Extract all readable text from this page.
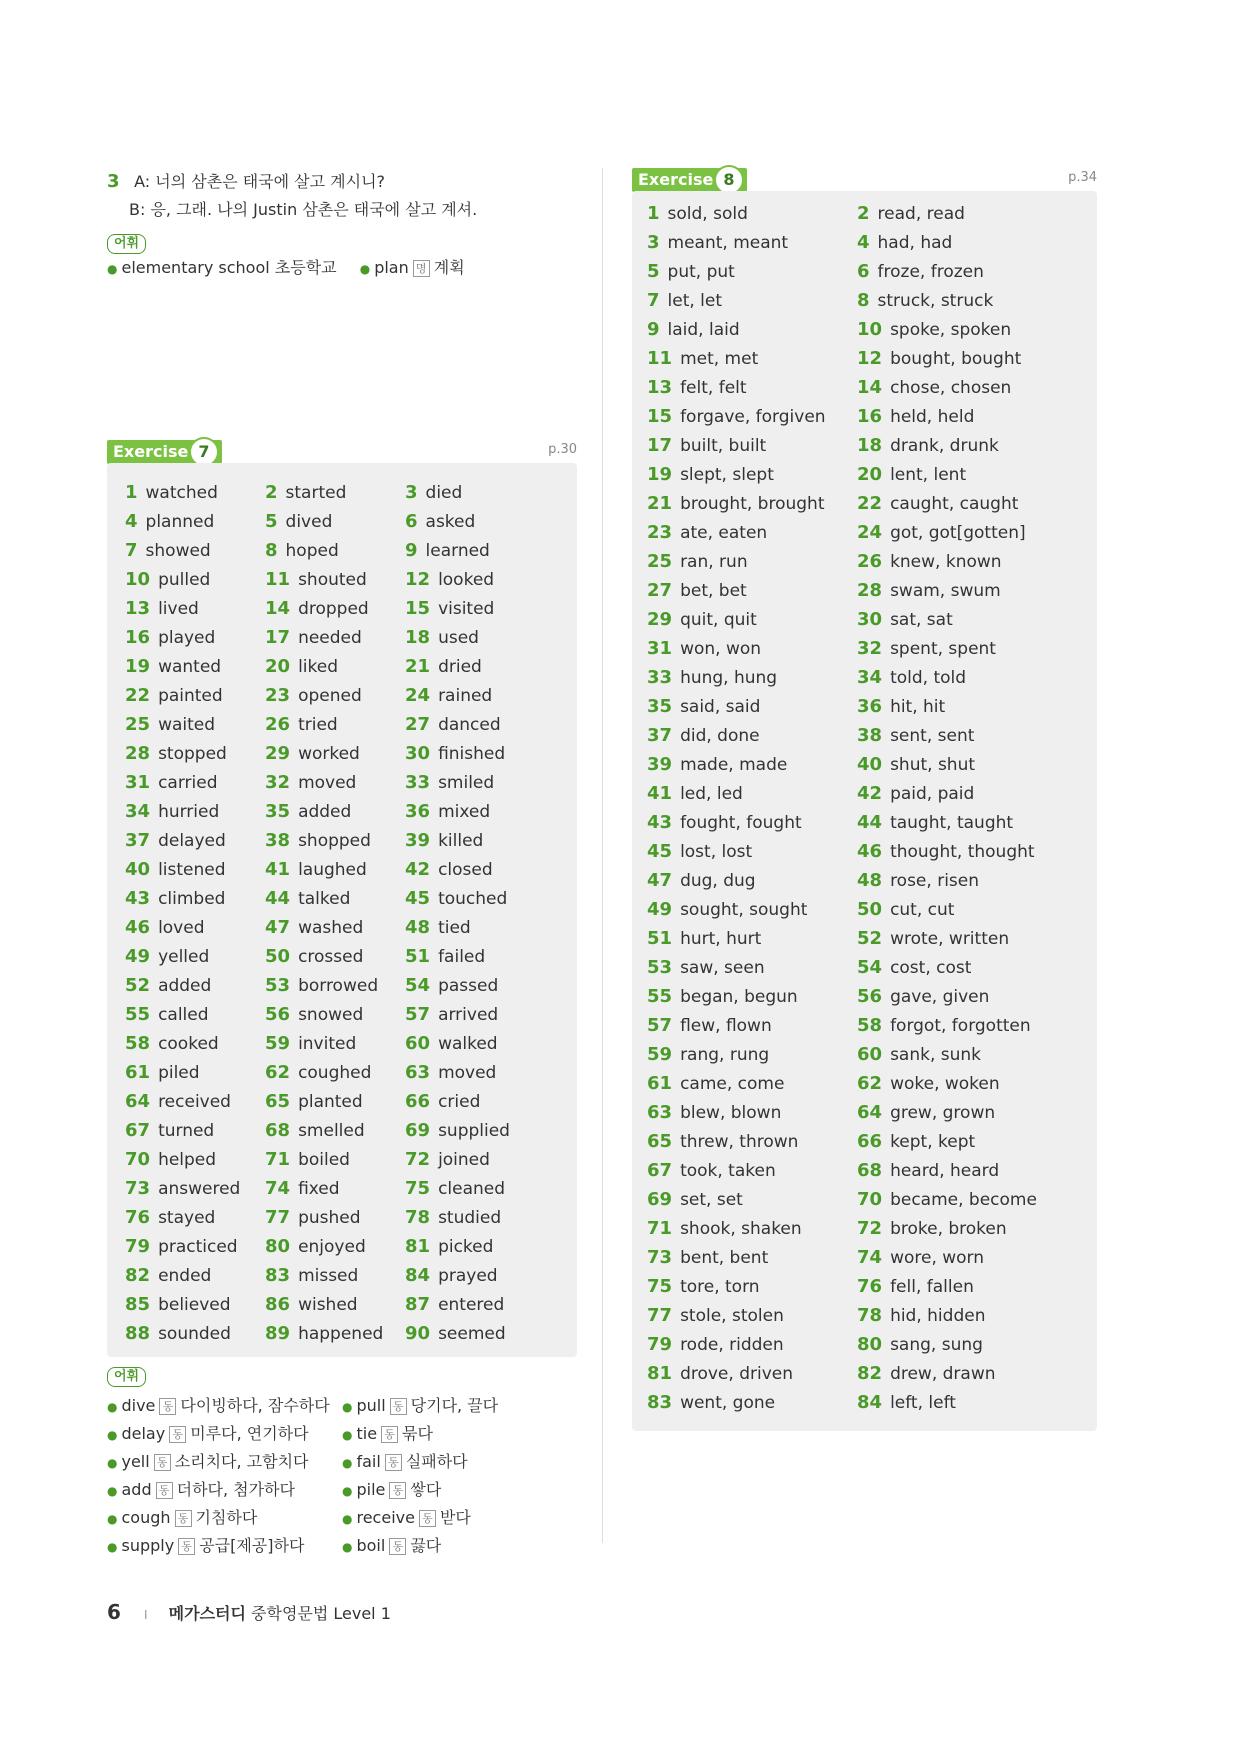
3 A: 너의 삼촌은 태국에 살고 계시니?
B: 응, 그래. 나의 Justin 삼촌은 태국에 살고 계셔.
어휘
● elementary school 초등학교 ● plan 명 계획
Exercise 7	p.30
1 watched	2 started	3 died
4 planned	5 dived	6 asked
7 showed	8 hoped	9 learned
10 pulled	11 shouted 12 looked
13 lived	14 dropped 15 visited
16 played	17 needed 18 used
19 wanted 20 liked	21 dried
22 painted 23 opened 24 rained
25 waited	26 tried	27 danced
28 stopped 29 worked	30 finished
31 carried	32 moved	33 smiled
34 hurried	35 added	36 mixed
37 delayed 38 shopped 39 killed
40 listened 41 laughed 42 closed
43 climbed 44 talked	45 touched
46 loved	47 washed 48 tied
49 yelled	50 crossed 51 failed
52 added	53 borrowed 54 passed
55 called	56 snowed 57 arrived
58 cooked	59 invited	60 walked
61 piled	62 coughed 63 moved
64 received 65 planted 66 cried
67 turned	68 smelled 69 supplied
70 helped	71 boiled	72 joined
73 answered 74 fixed	75 cleaned
76 stayed	77 pushed 78 studied
79 practiced 80 enjoyed 81 picked
82 ended	83 missed	84 prayed
85 believed 86 wished	87 entered
88 sounded 89 happened 90 seemed
어휘
● dive 동 다이빙하다, 잠수하다 ● pull 동 당기다, 끌다
● delay 동 미루다, 연기하다	● tie 동 묶다
● yell 동 소리치다, 고함치다	● fail 동 실패하다
● add 동 더하다, 첨가하다	● pile 동 쌓다
● cough 동 기침하다	● receive 동 받다
● supply 동 공급[제공]하다	● boil 동 끓다
Exercise 8	p.34
1 sold, sold	2 read, read
3 meant, meant	4 had, had
5 put, put	6 froze, frozen
7 let, let	8 struck, struck
9 laid, laid	10 spoke, spoken
11 met, met	12 bought, bought
13 felt, felt	14 chose, chosen
15 forgave, forgiven 16 held, held
17 built, built	18 drank, drunk
19 slept, slept	20 lent, lent
21 brought, brought 22 caught, caught
23 ate, eaten	24 got, got[gotten]
25 ran, run	26 knew, known
27 bet, bet	28 swam, swum
29 quit, quit	30 sat, sat
31 won, won	32 spent, spent
33 hung, hung	34 told, told
35 said, said	36 hit, hit
37 did, done	38 sent, sent
39 made, made	40 shut, shut
41 led, led	42 paid, paid
43 fought, fought	44 taught, taught
45 lost, lost	46 thought, thought
47 dug, dug	48 rose, risen
49 sought, sought	50 cut, cut
51 hurt, hurt	52 wrote, written
53 saw, seen	54 cost, cost
55 began, begun	56 gave, given
57 flew, flown	58 forgot, forgotten
59 rang, rung	60 sank, sunk
61 came, come	62 woke, woken
63 blew, blown	64 grew, grown
65 threw, thrown	66 kept, kept
67 took, taken	68 heard, heard
69 set, set	70 became, become
71 shook, shaken	72 broke, broken
73 bent, bent	74 wore, worn
75 tore, torn	76 fell, fallen
77 stole, stolen	78 hid, hidden
79 rode, ridden	80 sang, sung
81 drove, driven	82 drew, drawn
83 went, gone	84 left, left
6 I 메가스터디 중학영문법 Level 1
